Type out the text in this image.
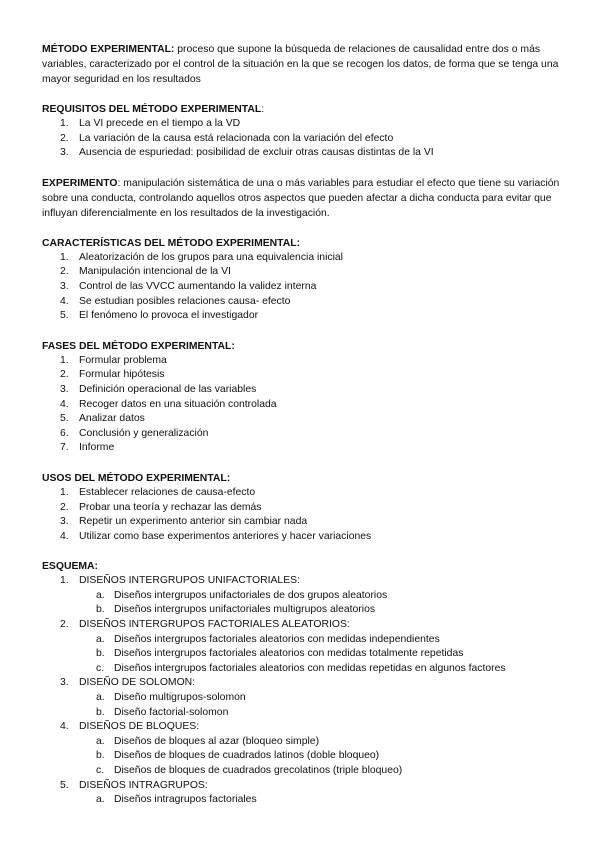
MÉTODO EXPERIMENTAL: proceso que supone la búsqueda de relaciones de causalidad entre dos o más variables, caracterizado por el control de la situación en la que se recogen los datos, de forma que se tenga una mayor seguridad en los resultados

REQUISITOS DEL MÉTODO EXPERIMENTAL:

1. La VI precede en el tiempo a la VD
2. La variación de la causa está relacionada con la variación del efecto
3. Ausencia de espuriedad: posibilidad de excluir otras causas distintas de la VI

EXPERIMENTO: manipulación sistemática de una o más variables para estudiar el efecto que tiene su variación sobre una conducta, controlando aquellos otros aspectos que pueden afectar a dicha conducta para evitar que influyan diferencialmente en los resultados de la investigación.

CARACTERÍSTICAS DEL MÉTODO EXPERIMENTAL:

1. Aleatorización de los grupos para una equivalencia inicial
2. Manipulación intencional de la VI
3. Control de las VVCC aumentando la validez interna
4. Se estudian posibles relaciones causa- efecto
5. El fenómeno lo provoca el investigador

FASES DEL MÉTODO EXPERIMENTAL:

1. Formular problema
2. Formular hipótesis
3. Definición operacional de las variables
4. Recoger datos en una situación controlada
5. Analizar datos
6. Conclusión y generalización
7. Informe

USOS DEL MÉTODO EXPERIMENTAL:

1. Establecer relaciones de causa-efecto
2. Probar una teoría y rechazar las demás
3. Repetir un experimento anterior sin cambiar nada
4. Utilizar como base experimentos anteriores y hacer variaciones

ESQUEMA:

1. DISEÑOS INTERGRUPOS UNIFACTORIALES:
a. Diseños intergrupos unifactoriales de dos grupos aleatorios
b. Diseños intergrupos unifactoriales multigrupos aleatorios
2. DISEÑOS INTERGRUPOS FACTORIALES ALEATORIOS:
a. Diseños intergrupos factoriales aleatorios con medidas independientes
b. Diseños intergrupos factoriales aleatorios con medidas totalmente repetidas
c. Diseños intergrupos factoriales aleatorios con medidas repetidas en algunos factores
3. DISEÑO DE SOLOMON:
a. Diseño multigrupos-solomon
b. Diseño factorial-solomon
4. DISEÑOS DE BLOQUES:
a. Diseños de bloques al azar (bloqueo simple)
b. Diseños de bloques de cuadrados latinos (doble bloqueo)
c. Diseños de bloques de cuadrados grecolatinos (triple bloqueo)
5. DISEÑOS INTRAGRUPOS:
a. Diseños intragrupos factoriales
